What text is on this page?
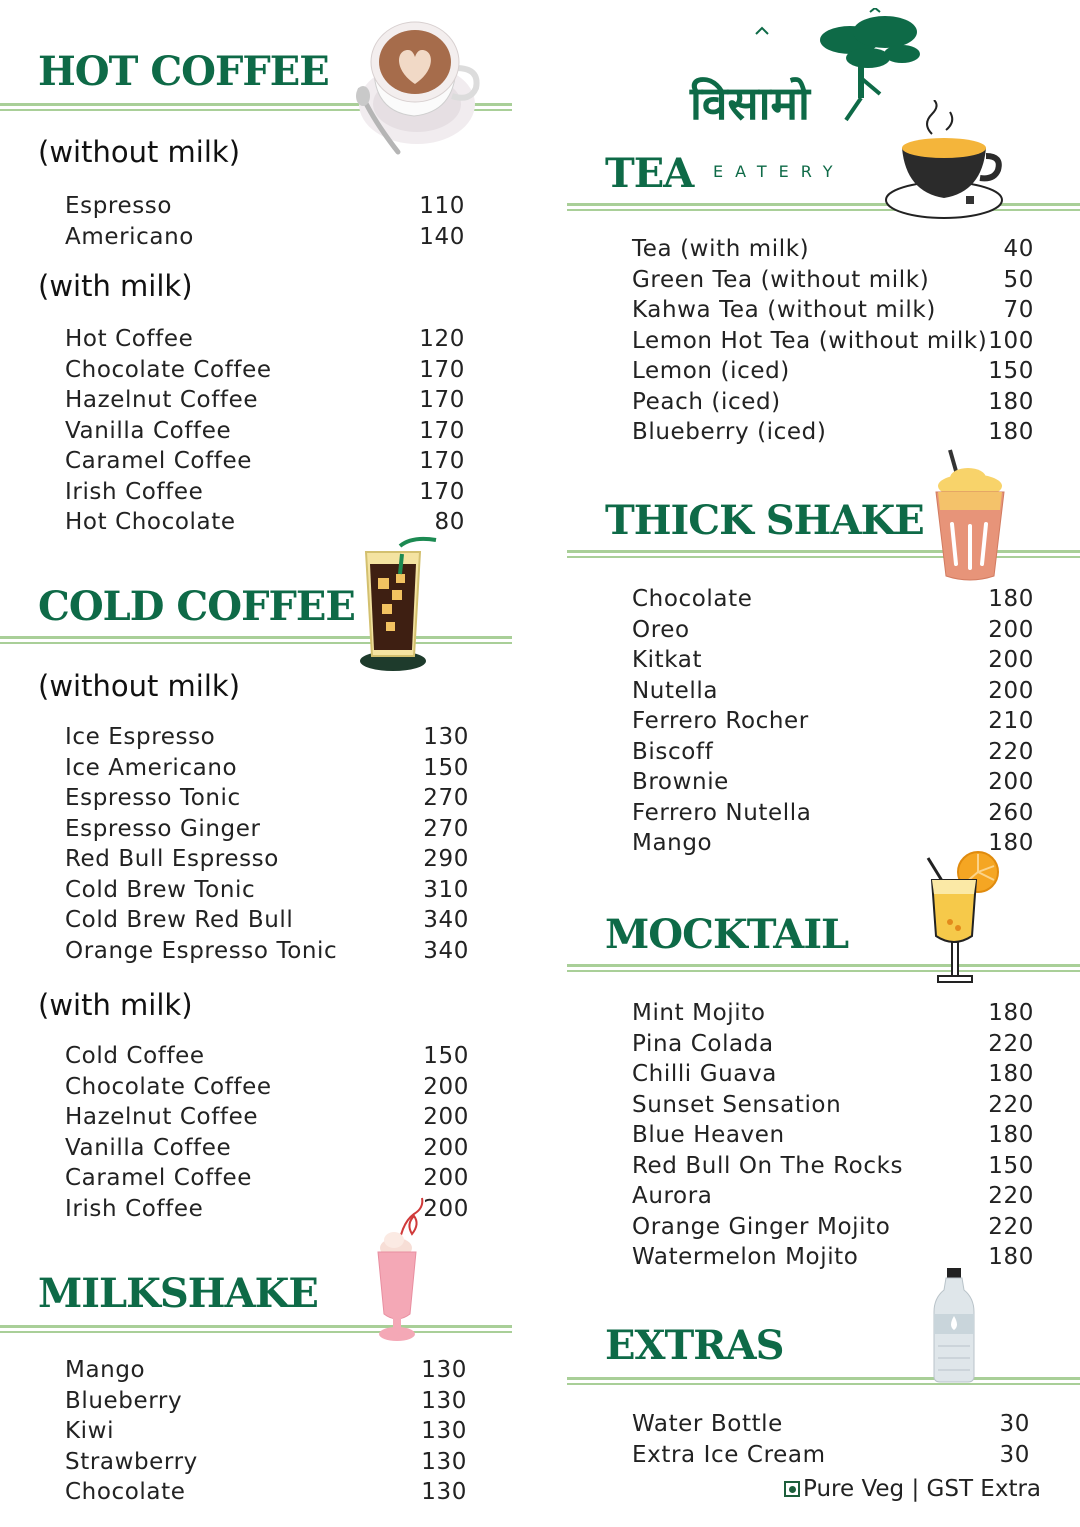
HOT COFFEE
(without milk)
Espresso	110
Americano	140
(with milk)
Hot Coffee	120
Chocolate Coffee	170
Hazelnut Coffee	170
Vanilla Coffee	170
Caramel Coffee	170
Irish Coffee	170
Hot Chocolate	80
COLD COFFEE
(without milk)
Ice Espresso	130
Ice Americano	150
Espresso Tonic	270
Espresso Ginger	270
Red Bull Espresso	290
Cold Brew Tonic	310
Cold Brew Red Bull	340
Orange Espresso Tonic	340
(with milk)
Cold Coffee	150
Chocolate Coffee	200
Hazelnut Coffee	200
Vanilla Coffee	200
Caramel Coffee	200
Irish Coffee	200
MILKSHAKE
Mango	130
Blueberry	130
Kiwi	130
Strawberry	130
Chocolate	130
विसामो
EATERY
TEA
Tea (with milk)	40
Green Tea (without milk)	50
Kahwa Tea (without milk)	70
Lemon Hot Tea (without milk) 100
Lemon (iced)	150
Peach (iced)	180
Blueberry (iced)	180
THICK SHAKE
Chocolate	180
Oreo	200
Kitkat	200
Nutella	200
Ferrero Rocher	210
Biscoff	220
Brownie	200
Ferrero Nutella	260
Mango	180
MOCKTAIL
Mint Mojito	180
Pina Colada	220
Chilli Guava	180
Sunset Sensation	220
Blue Heaven	180
Red Bull On The Rocks	150
Aurora	220
Orange Ginger Mojito	220
Watermelon Mojito	180
EXTRAS
Water Bottle	30
Extra Ice Cream	30
Pure Veg | GST Extra
